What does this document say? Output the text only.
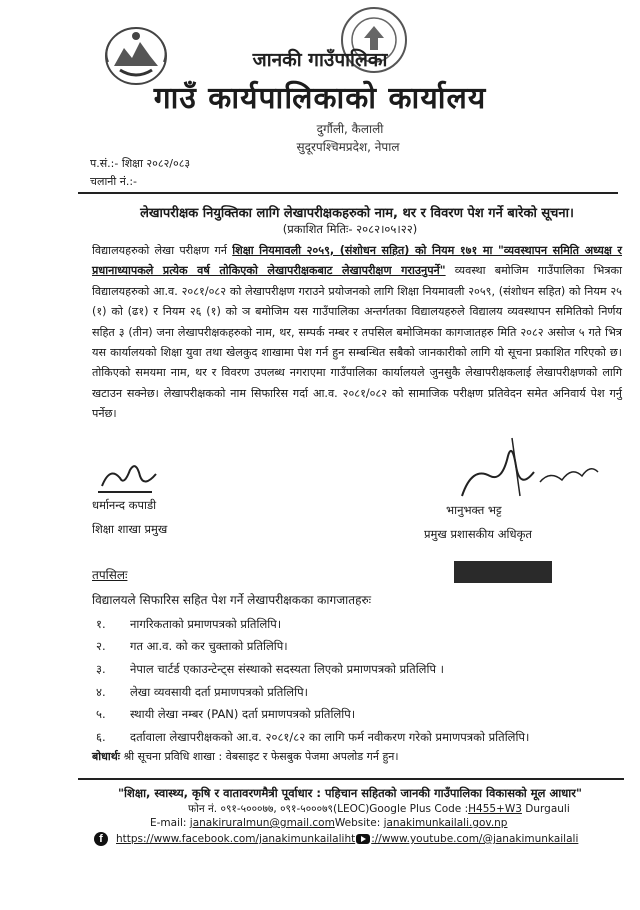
जानकी गाउँपालिका
गाउँ कार्यपालिकाको कार्यालय
दुर्गौली, कैलाली
सुदूरपश्चिमप्रदेश, नेपाल
प.सं.:- शिक्षा २०८२/०८३
चलानी नं.:-
लेखापरीक्षक नियुक्तिका लागि लेखापरीक्षकहरुको नाम, थर र विवरण पेश गर्ने बारेको सूचना।
(प्रकाशित मितिः- २०८२।०५।२२)
विद्यालयहरुको लेखा परीक्षण गर्न शिक्षा नियमावली २०५९, (संशोधन सहित) को नियम १७१ मा "व्यवस्थापन समिति अध्यक्ष र प्रधानाध्यापकले प्रत्येक वर्ष तोकिएको लेखापरीक्षकबाट लेखापरीक्षण गराउनुपर्ने" व्यवस्था बमोजिम गाउँपालिका भित्रका विद्यालयहरुको आ.व. २०८१/०८२ को लेखापरीक्षण गराउने प्रयोजनको लागि शिक्षा नियमावली २०५९, (संशोधन सहित) को नियम २५ (१) को (ढ१) र नियम २६ (१) को ञ बमोजिम यस गाउँपालिका अन्तर्गतका विद्यालयहरुले विद्यालय व्यवस्थापन समितिको निर्णय सहित ३ (तीन) जना लेखापरीक्षकहरुको नाम, थर, सम्पर्क नम्बर र तपसिल बमोजिमका कागजातहरु मिति २०८२ असोज ५ गते भित्र यस कार्यालयको शिक्षा युवा तथा खेलकुद शाखामा पेश गर्न हुन सम्बन्धित सबैको जानकारीको लागि यो सूचना प्रकाशित गरिएको छ। तोकिएको समयमा नाम, थर र विवरण उपलब्ध नगराएमा गाउँपालिका कार्यालयले जुनसुकै लेखापरीक्षकलाई लेखापरीक्षणको लागि खटाउन सक्नेछ। लेखापरीक्षकको नाम सिफारिस गर्दा आ.व. २०८१/०८२ को सामाजिक परीक्षण प्रतिवेदन समेत अनिवार्य पेश गर्नु पर्नेछ।
धर्मानन्द कपाडी
शिक्षा शाखा प्रमुख
भानुभक्त भट्ट
प्रमुख प्रशासकीय अधिकृत
तपसिलः
विद्यालयले सिफारिस सहित पेश गर्ने लेखापरीक्षकका कागजातहरुः
१.	नागरिकताको प्रमाणपत्रको प्रतिलिपि।
२.	गत आ.व. को कर चुक्ताको प्रतिलिपि।
३.	नेपाल चार्टर्ड एकाउन्टेन्ट्स संस्थाको सदस्यता लिएको प्रमाणपत्रको प्रतिलिपि ।
४.	लेखा व्यवसायी दर्ता प्रमाणपत्रको प्रतिलिपि।
५.	स्थायी लेखा नम्बर (PAN) दर्ता प्रमाणपत्रको प्रतिलिपि।
६.	दर्तावाला लेखापरीक्षकको आ.व. २०८१/८२ का लागि फर्म नवीकरण गरेको प्रमाणपत्रको प्रतिलिपि।
बोधार्थः श्री सूचना प्रविधि शाखा : वेबसाइट र फेसबुक पेजमा अपलोड गर्न हुन।
"शिक्षा, स्वास्थ्य, कृषि र वातावरणमैत्री पूर्वाधार : पहिचान सहितको जानकी गाउँपालिका विकासको मूल आधार"
फोन नं. ०९१-५०००७७, ०९१-५०००७९(LEOC)Google Plus Code :H455+W3 Durgauli
E-mail: janakiruralmun@gmail.comWebsite: janakimunkailali.gov.np
f	https://www.facebook.com/janakimunkailaliht ://www.youtube.com/@janakimunkailali
